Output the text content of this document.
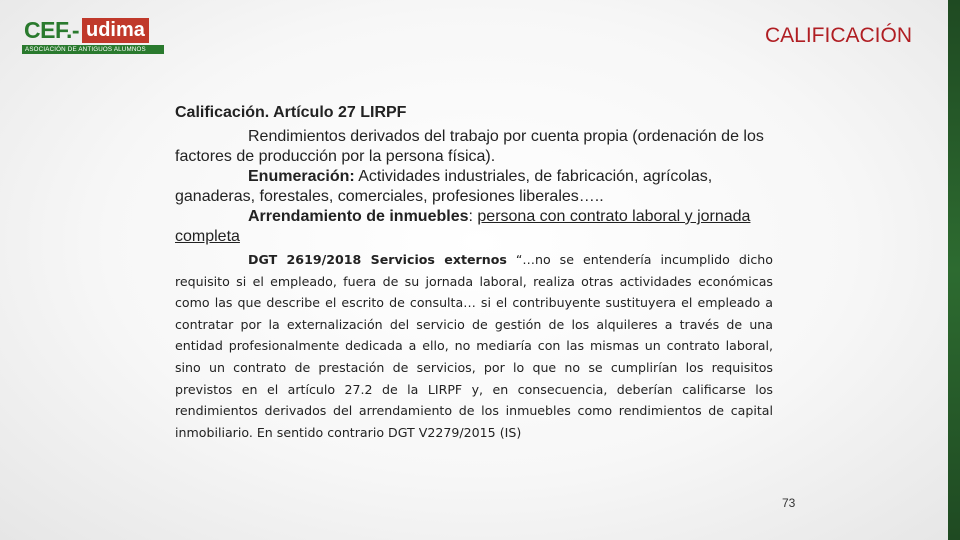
CEF.- udima
ASOCIACIÓN DE ANTIGUOS ALUMNOS
CALIFICACIÓN

Calificación. Artículo 27 LIRPF

Rendimientos derivados del trabajo por cuenta propia (ordenación de los factores de producción por la persona física).

Enumeración: Actividades industriales, de fabricación, agrícolas, ganaderas, forestales, comerciales, profesiones liberales…..

Arrendamiento de inmuebles: persona con contrato laboral y jornada completa

DGT 2619/2018 Servicios externos “…no se entendería incumplido dicho requisito si el empleado, fuera de su jornada laboral, realiza otras actividades económicas como las que describe el escrito de consulta… si el contribuyente sustituyera el empleado a contratar por la externalización del servicio de gestión de los alquileres a través de una entidad profesionalmente dedicada a ello, no mediaría con las mismas un contrato laboral, sino un contrato de prestación de servicios, por lo que no se cumplirían los requisitos previstos en el artículo 27.2 de la LIRPF y, en consecuencia, deberían calificarse los rendimientos derivados del arrendamiento de los inmuebles como rendimientos de capital inmobiliario. En sentido contrario DGT V2279/2015 (IS)

73
